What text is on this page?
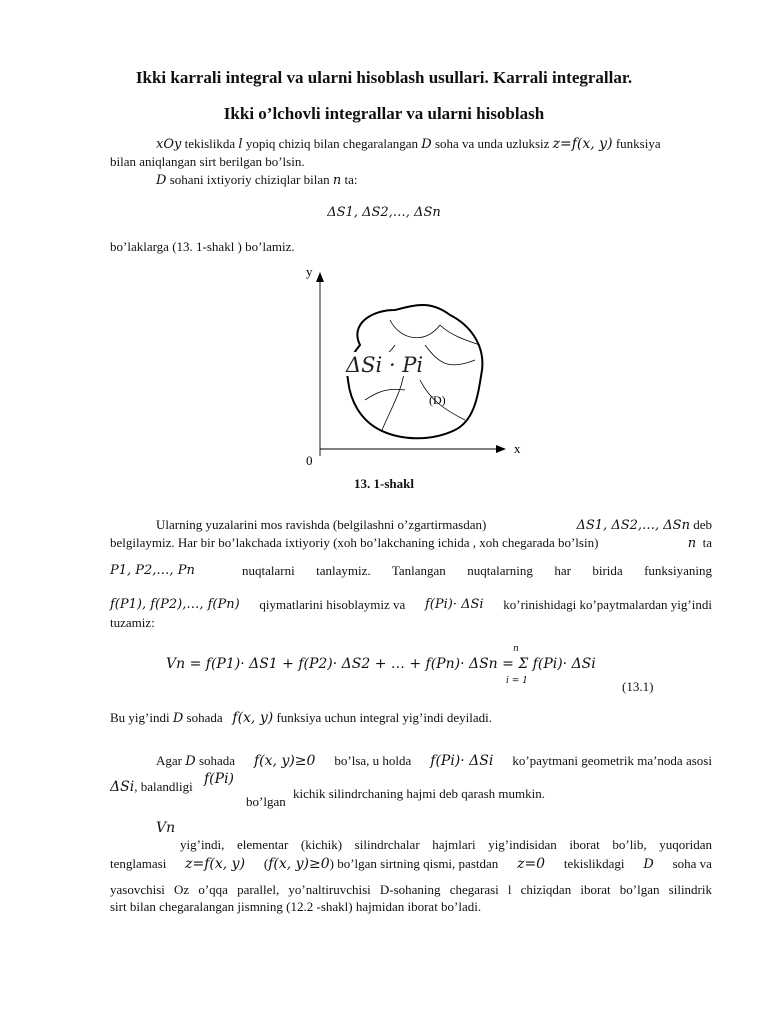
Ikki karrali integral va ularni hisoblash usullari. Karrali integrallar.
Ikki o’lchovli integrallar va ularni hisoblash
xOy tekislikda l yopiq chiziq bilan chegaralangan D soha va unda uzluksiz z=f(x, y) funksiya
bilan aniqlangan sirt berilgan bo’lsin.
D sohani ixtiyoriy chiziqlar bilan n ta:
ΔS1, ΔS2,…, ΔSn
bo’laklarga (13. 1-shakl ) bo’lamiz.
y
x
0
(D)
ΔSi · Pi
13. 1-shakl
Ularning yuzalarini mos ravishda (belgilashni o’zgartirmasdan)	ΔS1, ΔS2,…, ΔSn deb
belgilaymiz. Har bir bo’lakchada ixtiyoriy (xoh bo’lakchaning ichida , xoh chegarada bo’lsin)	n ta
P1, P2,…, Pn	nuqtalarni tanlaymiz. Tanlangan nuqtalarning har birida funksiyaning
f(P1), f(P2),…, f(Pn) qiymatlarini hisoblaymiz va f(Pi)· ΔSi ko’rinishidagi ko’paytmalardan yig’indi
tuzamiz:
Vn = f(P1)· ΔS1 + f(P2)· ΔS2 + … + f(Pn)· ΔSn = Σ f(Pi)· ΔSi
n
i = 1	(13.1)
Bu yig’indi D sohada   f(x, y) funksiya uchun integral yig’indi deyiladi.
Agar D sohada f(x, y)≥0 bo’lsa, u holda f(Pi)· ΔSi ko’paytmani geometrik ma’noda asosi
ΔSi, balandligi f(Pi)
bo’lgan
kichik silindrchaning hajmi deb qarash mumkin.
Vn
yig’indi, elementar (kichik) silindrchalar hajmlari yig’indisidan iborat bo’lib, yuqoridan
tenglamasi z=f(x, y) (f(x, y)≥0) bo’lgan sirtning qismi, pastdan z=0 tekislikdagi D soha va
yasovchisi Oz o’qqa parallel, yo’naltiruvchisi D-sohaning chegarasi l chiziqdan iborat bo’lgan silindrik
sirt bilan chegaralangan jismning (12.2 -shakl) hajmidan iborat bo’ladi.
